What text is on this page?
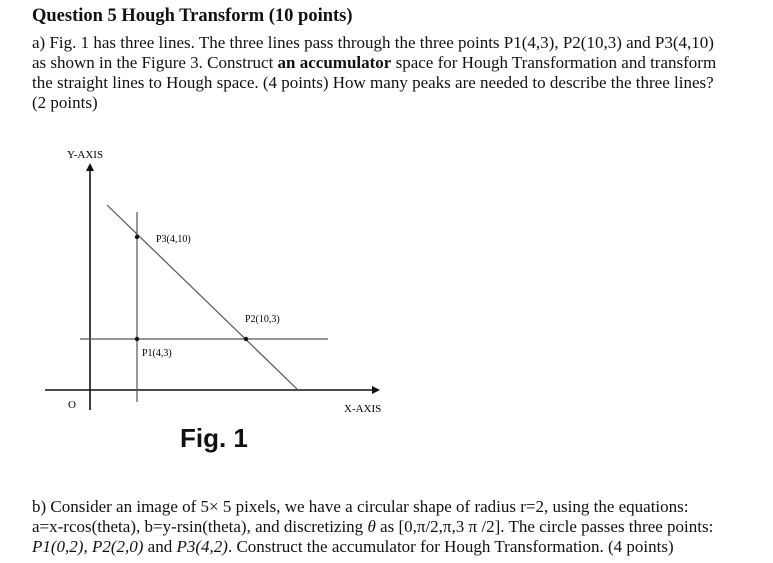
Question 5 Hough Transform (10 points)
a) Fig. 1 has three lines. The three lines pass through the three points P1(4,3), P2(10,3) and P3(4,10)
as shown in the Figure 3. Construct an accumulator space for Hough Transformation and transform
the straight lines to Hough space. (4 points) How many peaks are needed to describe the three lines?
(2 points)
Y-AXIS
O	X-AXIS
P3(4,10)
P2(10,3)
P1(4,3)
Fig. 1
b) Consider an image of 5× 5 pixels, we have a circular shape of radius r=2, using the equations:
a=x-rcos(theta), b=y-rsin(theta), and discretizing θ as [0,π/2,π,3 π /2]. The circle passes three points:
P1(0,2), P2(2,0) and P3(4,2). Construct the accumulator for Hough Transformation. (4 points)
